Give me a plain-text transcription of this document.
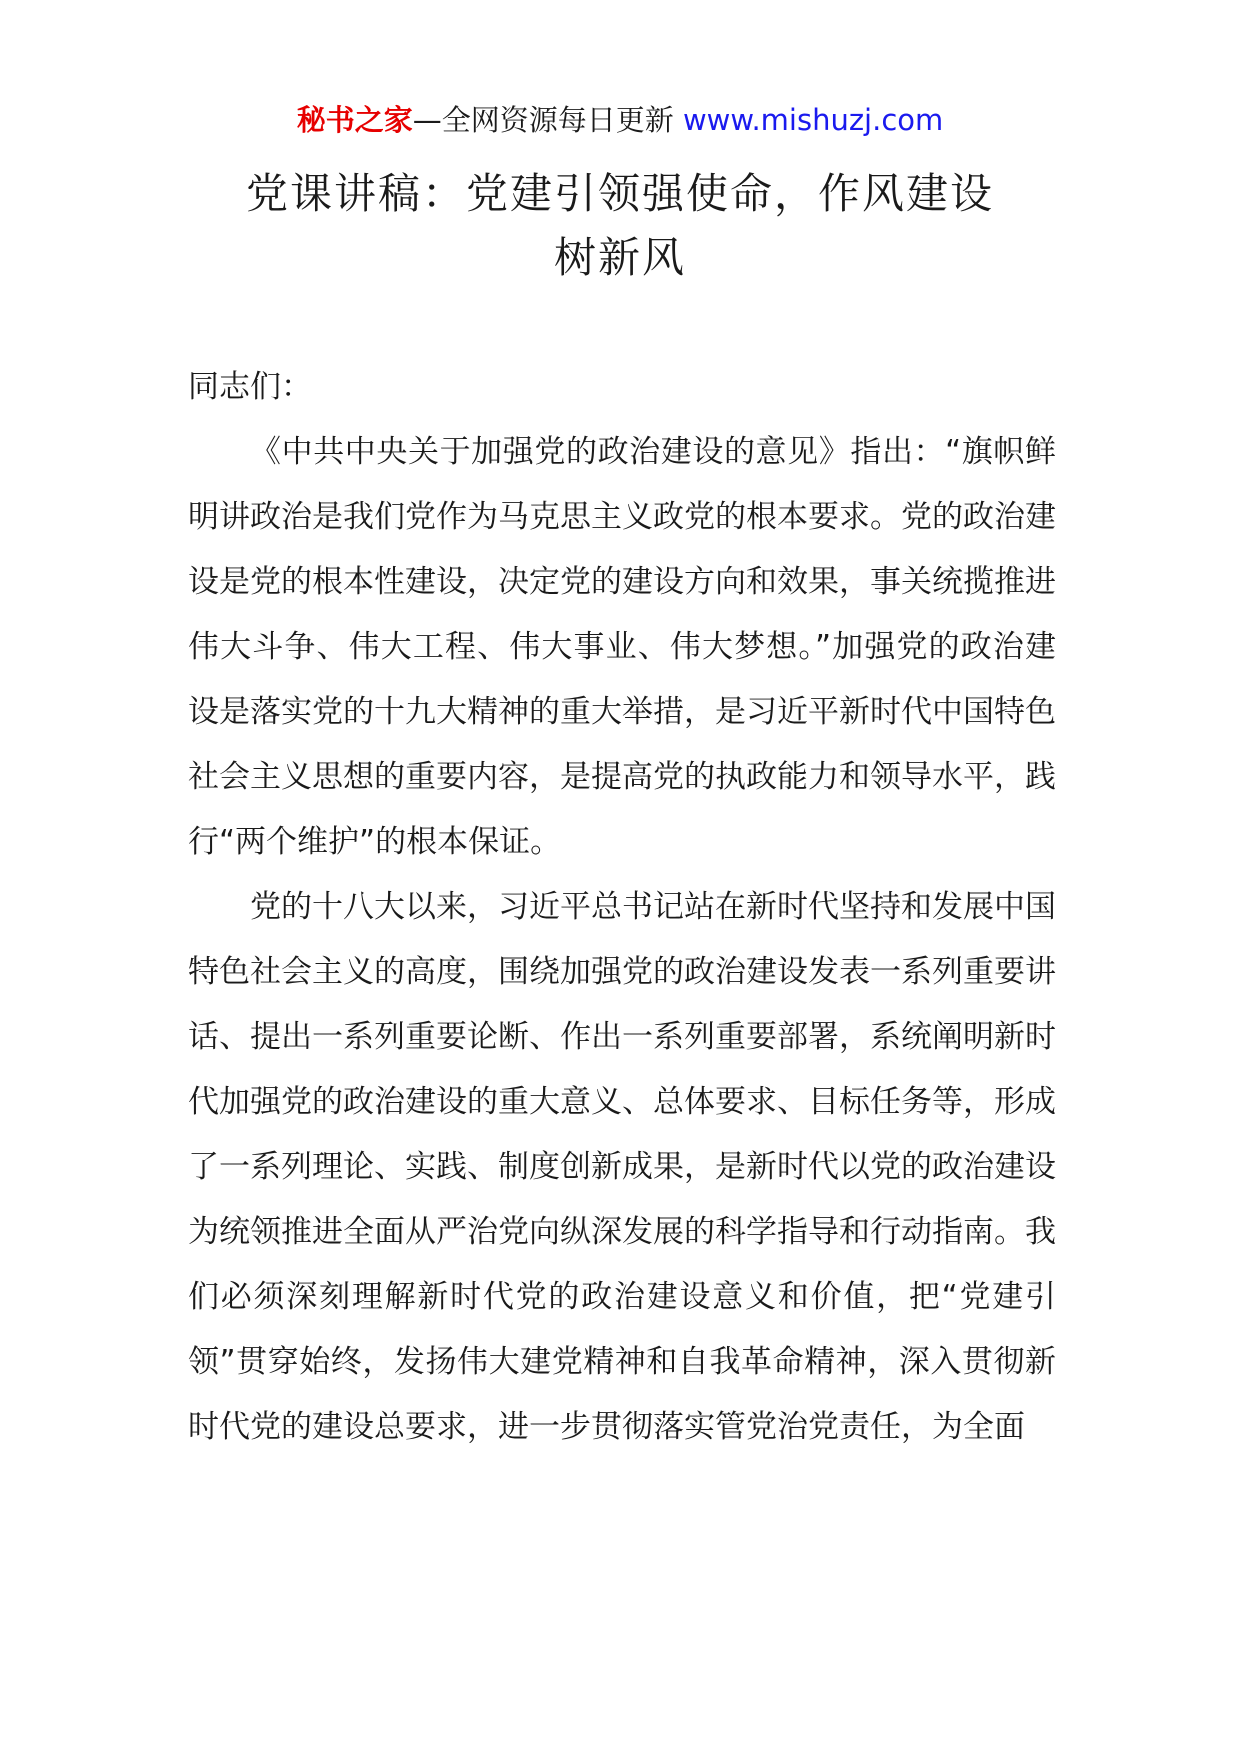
秘书之家—全网资源每日更新 www.mishuzj.com
党课讲稿：党建引领强使命，作风建设
树新风

同志们：

《中共中央关于加强党的政治建设的意见》指出：“旗帜鲜明讲政治是我们党作为马克思主义政党的根本要求。党的政治建设是党的根本性建设，决定党的建设方向和效果，事关统揽推进伟大斗争、伟大工程、伟大事业、伟大梦想。”加强党的政治建设是落实党的十九大精神的重大举措，是习近平新时代中国特色社会主义思想的重要内容，是提高党的执政能力和领导水平，践行“两个维护”的根本保证。

党的十八大以来，习近平总书记站在新时代坚持和发展中国特色社会主义的高度，围绕加强党的政治建设发表一系列重要讲话、提出一系列重要论断、作出一系列重要部署，系统阐明新时代加强党的政治建设的重大意义、总体要求、目标任务等，形成了一系列理论、实践、制度创新成果，是新时代以党的政治建设为统领推进全面从严治党向纵深发展的科学指导和行动指南。我们必须深刻理解新时代党的政治建设意义和价值，把“党建引领”贯穿始终，发扬伟大建党精神和自我革命精神，深入贯彻新时代党的建设总要求，进一步贯彻落实管党治党责任，为全面
